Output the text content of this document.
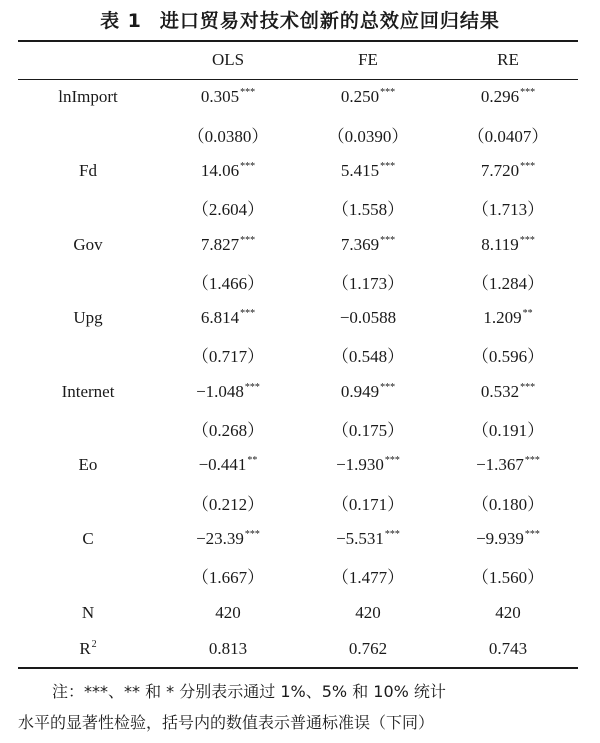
表 1 进口贸易对技术创新的总效应回归结果
	OLS	FE	RE
lnImport	0.305***	0.250***	0.296***
	（0.0380）	（0.0390）	（0.0407）
Fd	14.06***	5.415***	7.720***
	（2.604）	（1.558）	（1.713）
Gov	7.827***	7.369***	8.119***
	（1.466）	（1.173）	（1.284）
Upg	6.814***	−0.0588	1.209**
	（0.717）	（0.548）	（0.596）
Internet	−1.048***	0.949***	0.532***
	（0.268）	（0.175）	（0.191）
Eo	−0.441**	−1.930***	−1.367***
	（0.212）	（0.171）	（0.180）
C	−23.39***	−5.531***	−9.939***
	（1.667）	（1.477）	（1.560）
N	420	420	420
$R^2$	0.813	0.762	0.743

注：***、** 和 * 分别表示通过 1%、5% 和 10% 统计

水平的显著性检验，括号内的数值表示普通标准误（下同）
